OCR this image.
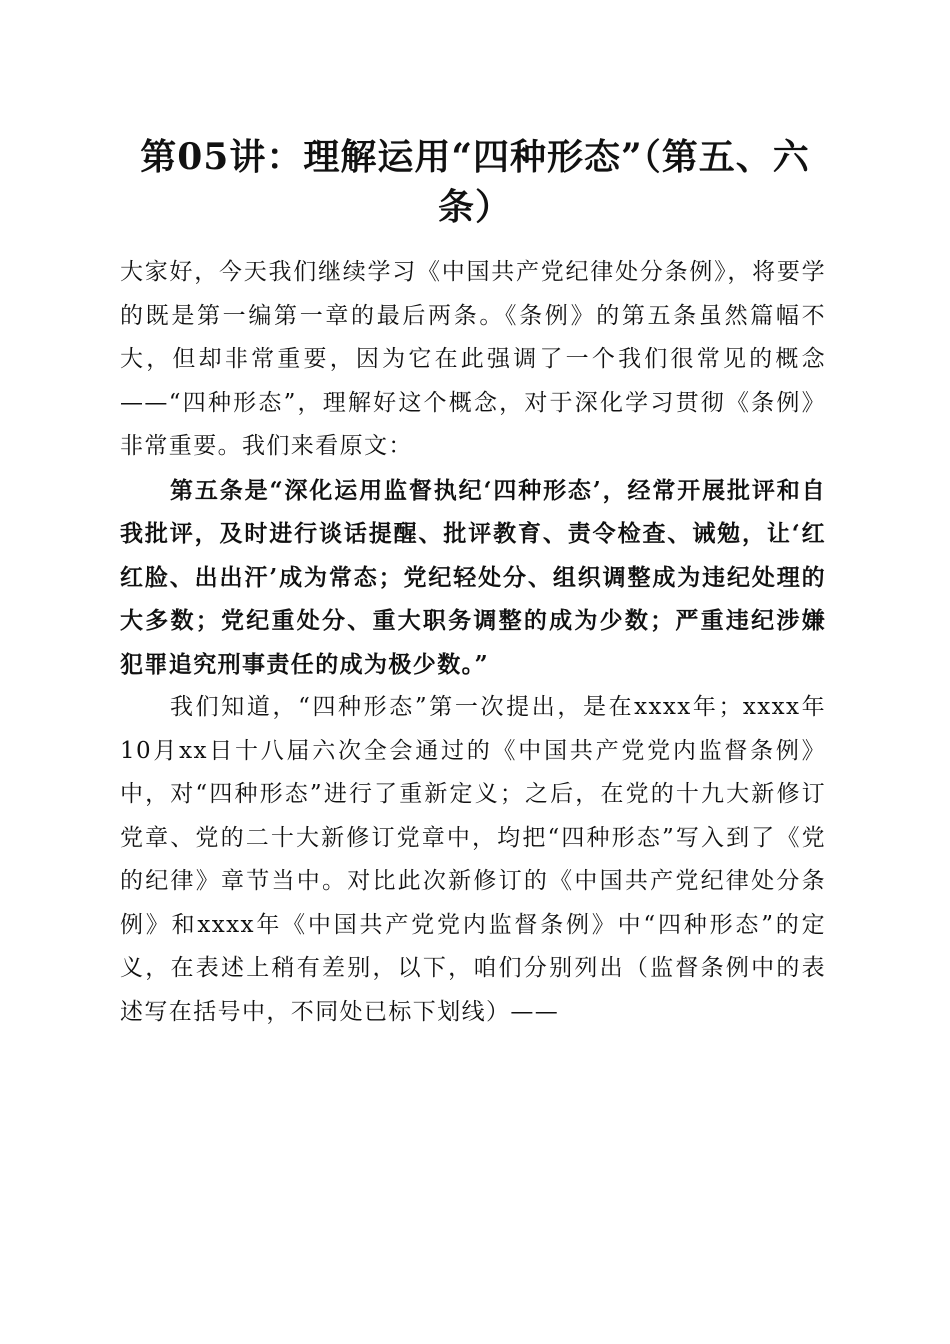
第05讲：理解运用“四种形态”（第五、六条）

大家好，今天我们继续学习《中国共产党纪律处分条例》，将要学的既是第一编第一章的最后两条。《条例》的第五条虽然篇幅不大，但却非常重要，因为它在此强调了一个我们很常见的概念——“四种形态”，理解好这个概念，对于深化学习贯彻《条例》非常重要。我们来看原文：

第五条是“深化运用监督执纪‘四种形态’，经常开展批评和自我批评，及时进行谈话提醒、批评教育、责令检查、诫勉，让‘红红脸、出出汗’成为常态；党纪轻处分、组织调整成为违纪处理的大多数；党纪重处分、重大职务调整的成为少数；严重违纪涉嫌犯罪追究刑事责任的成为极少数。”

我们知道，“四种形态”第一次提出，是在xxxx年；xxxx年10月xx日十八届六次全会通过的《中国共产党党内监督条例》中，对“四种形态”进行了重新定义；之后，在党的十九大新修订党章、党的二十大新修订党章中，均把“四种形态”写入到了《党的纪律》章节当中。对比此次新修订的《中国共产党纪律处分条例》和xxxx年《中国共产党党内监督条例》中“四种形态”的定义，在表述上稍有差别，以下，咱们分别列出（监督条例中的表述写在括号中，不同处已标下划线）——
